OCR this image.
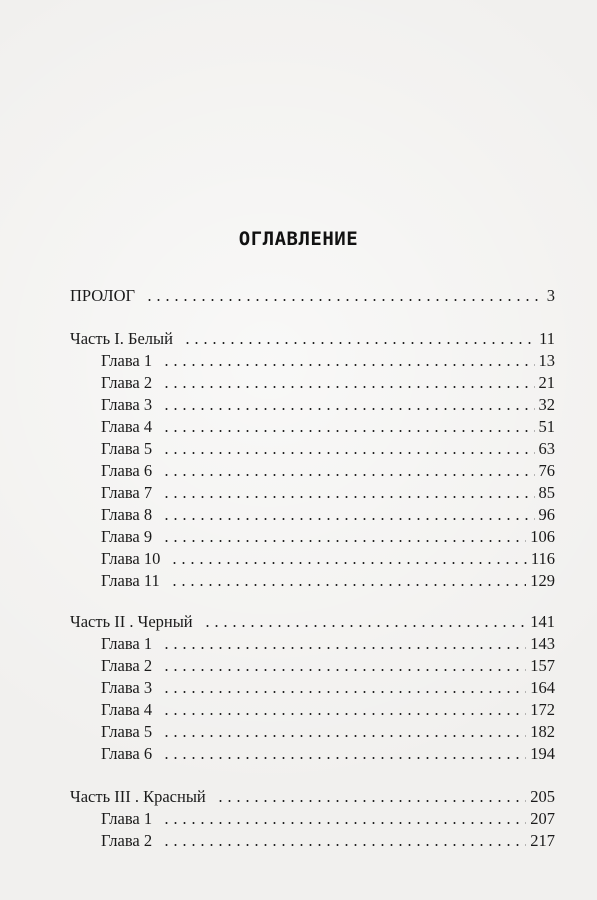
ОГЛАВЛЕНИЕ
ПРОЛОГ	3
Часть I. Белый	11
Глава 1	13
Глава 2	21
Глава 3	32
Глава 4	51
Глава 5	63
Глава 6	76
Глава 7	85
Глава 8	96
Глава 9	106
Глава 10	116
Глава 11	129
Часть II . Черный	141
Глава 1	143
Глава 2	157
Глава 3	164
Глава 4	172
Глава 5	182
Глава 6	194
Часть III . Красный	205
Глава 1	207
Глава 2	217
